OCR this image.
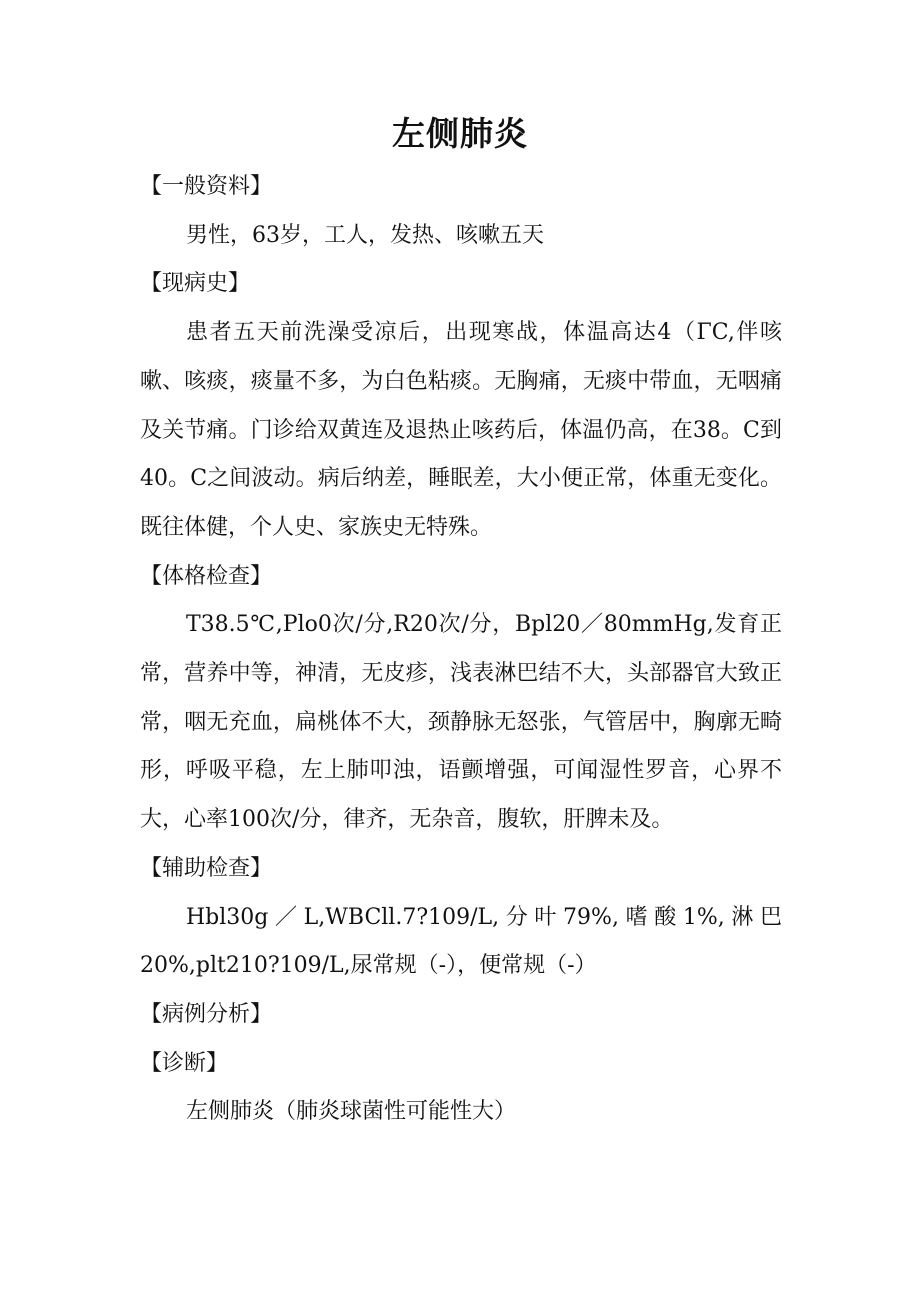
左侧肺炎

【一般资料】

男性，63岁，工人，发热、咳嗽五天

【现病史】

患者五天前洗澡受凉后，出现寒战，体温高达4（ΓC,伴咳嗽、咳痰，痰量不多，为白色粘痰。无胸痛，无痰中带血，无咽痛及关节痛。门诊给双黄连及退热止咳药后，体温仍高，在38。C到40。C之间波动。病后纳差，睡眠差，大小便正常，体重无变化。既往体健，个人史、家族史无特殊。

【体格检查】

T38.5℃,Plo0次/分,R20次/分，Bpl20／80mmHg,发育正常，营养中等，神清，无皮疹，浅表淋巴结不大，头部器官大致正常，咽无充血，扁桃体不大，颈静脉无怒张，气管居中，胸廓无畸形，呼吸平稳，左上肺叩浊，语颤增强，可闻湿性罗音，心界不大，心率100次/分，律齐，无杂音，腹软，肝脾未及。

【辅助检查】

Hbl30g／L,WBCll.7?109/L,分叶79%,嗜酸1%,淋巴20%,plt210?109/L,尿常规（-），便常规（-）

【病例分析】

【诊断】

左侧肺炎（肺炎球菌性可能性大）
